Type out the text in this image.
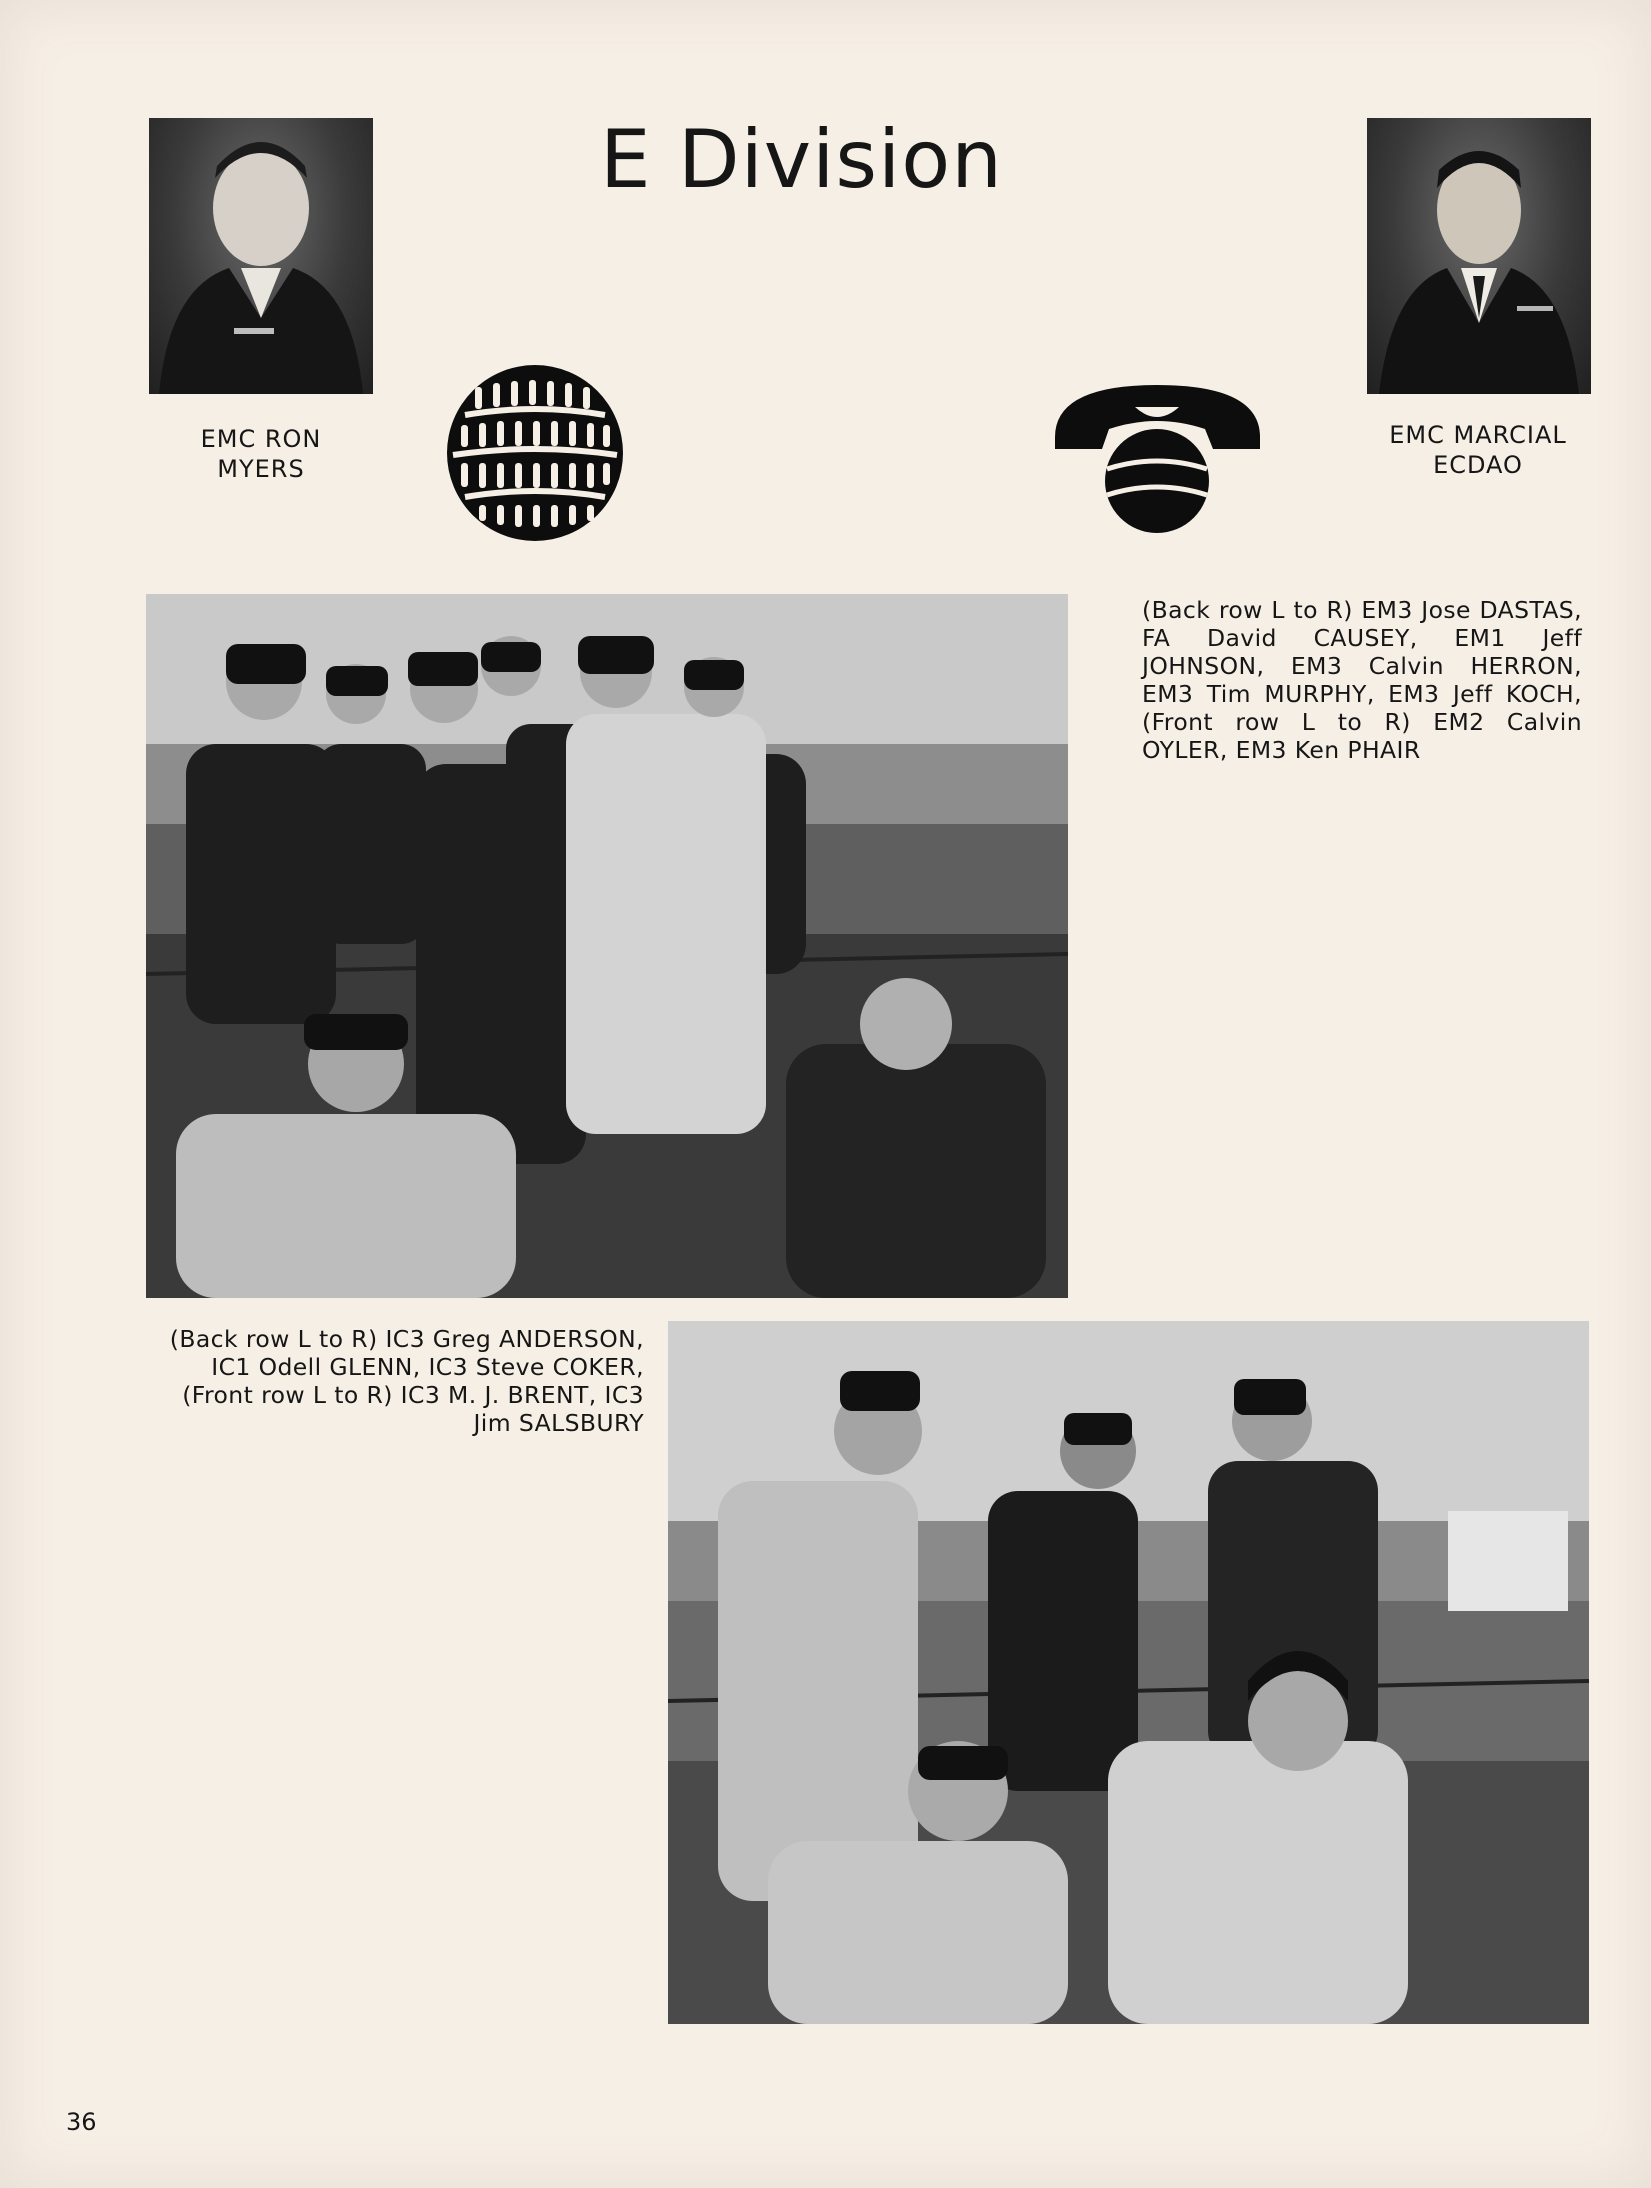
E Division
EMC RON
MYERS
EMC MARCIAL
ECDAO
(Back row L to R) EM3 Jose DASTAS, FA David CAUSEY, EM1 Jeff JOHNSON, EM3 Calvin HERRON, EM3 Tim MURPHY, EM3 Jeff KOCH, (Front row L to R) EM2 Calvin OYLER, EM3 Ken PHAIR
(Back row L to R) IC3 Greg ANDERSON, IC1 Odell GLENN, IC3 Steve COKER, (Front row L to R) IC3 M. J. BRENT, IC3 Jim SALSBURY
36
